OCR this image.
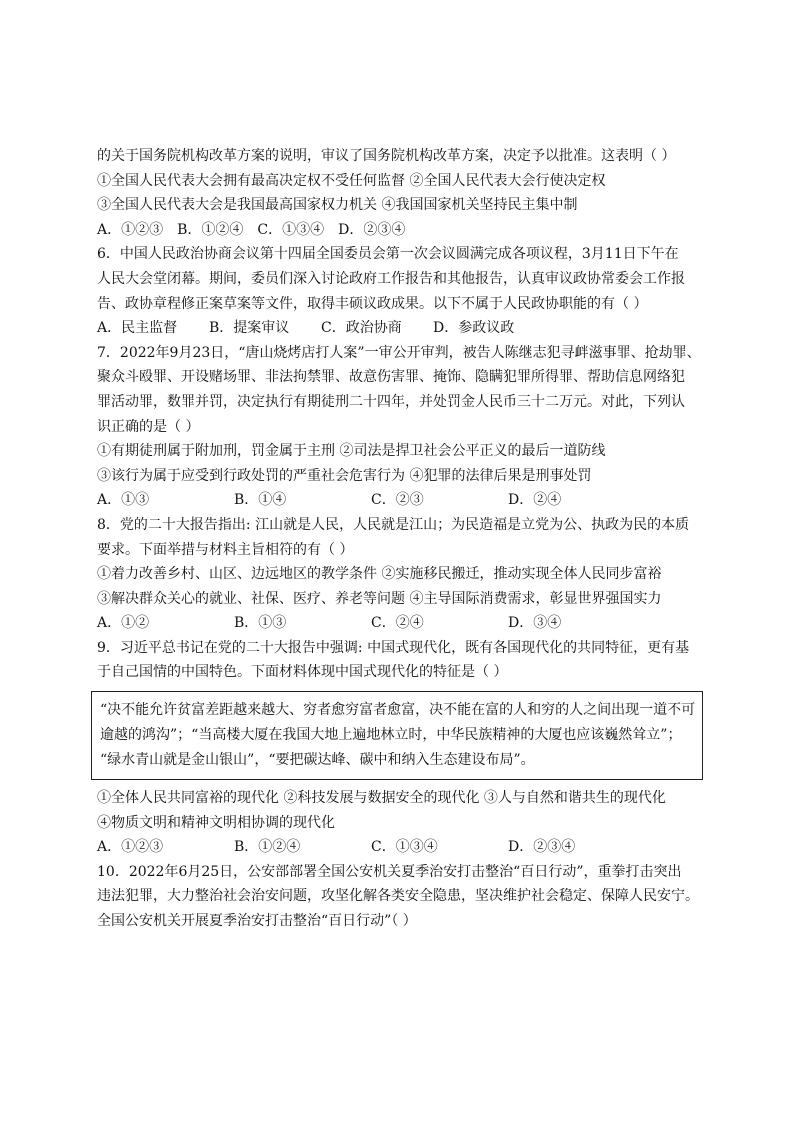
的关于国务院机构改革方案的说明，审议了国务院机构改革方案，决定予以批准。这表明（ ）
①全国人民代表大会拥有最高决定权不受任何监督 ②全国人民代表大会行使决定权
③全国人民代表大会是我国最高国家权力机关 ④我国国家机关坚持民主集中制
A．①②③ B．①②④ C．①③④ D．②③④
6．中国人民政治协商会议第十四届全国委员会第一次会议圆满完成各项议程，3月11日下午在
人民大会堂闭幕。期间，委员们深入讨论政府工作报告和其他报告，认真审议政协常委会工作报
告、政协章程修正案草案等文件，取得丰硕议政成果。以下不属于人民政协职能的有（ ）
A．民主监督	B．提案审议	C．政治协商	D．参政议政
7．2022年9月23日，“唐山烧烤店打人案”一审公开审判，被告人陈继志犯寻衅滋事罪、抢劫罪、
聚众斗殴罪、开设赌场罪、非法拘禁罪、故意伤害罪、掩饰、隐瞒犯罪所得罪、帮助信息网络犯
罪活动罪，数罪并罚，决定执行有期徒刑二十四年，并处罚金人民币三十二万元。对此，下列认
识正确的是（ ）
①有期徒刑属于附加刑，罚金属于主刑 ②司法是捍卫社会公平正义的最后一道防线
③该行为属于应受到行政处罚的严重社会危害行为 ④犯罪的法律后果是刑事处罚
A．①③	B．①④	C．②③	D．②④
8．党的二十大报告指出: 江山就是人民，人民就是江山；为民造福是立党为公、执政为民的本质
要求。下面举措与材料主旨相符的有（ ）
①着力改善乡村、山区、边远地区的教学条件 ②实施移民搬迁，推动实现全体人民同步富裕
③解决群众关心的就业、社保、医疗、养老等问题 ④主导国际消费需求，彰显世界强国实力
A．①②	B．①③	C．②④	D．③④
9．习近平总书记在党的二十大报告中强调: 中国式现代化，既有各国现代化的共同特征，更有基
于自己国情的中国特色。下面材料体现中国式现代化的特征是（ ）
“决不能允许贫富差距越来越大、穷者愈穷富者愈富，决不能在富的人和穷的人之间出现一道不可
逾越的鸿沟”；“当高楼大厦在我国大地上遍地林立时，中华民族精神的大厦也应该巍然耸立”；
“绿水青山就是金山银山”，“要把碳达峰、碳中和纳入生态建设布局”。
①全体人民共同富裕的现代化 ②科技发展与数据安全的现代化 ③人与自然和谐共生的现代化
④物质文明和精神文明相协调的现代化
A．①②③	B．①②④	C．①③④	D．②③④
10．2022年6月25日，公安部部署全国公安机关夏季治安打击整治“百日行动”，重拳打击突出
违法犯罪，大力整治社会治安问题，攻坚化解各类安全隐患，坚决维护社会稳定、保障人民安宁。
全国公安机关开展夏季治安打击整治“百日行动”（ ）
